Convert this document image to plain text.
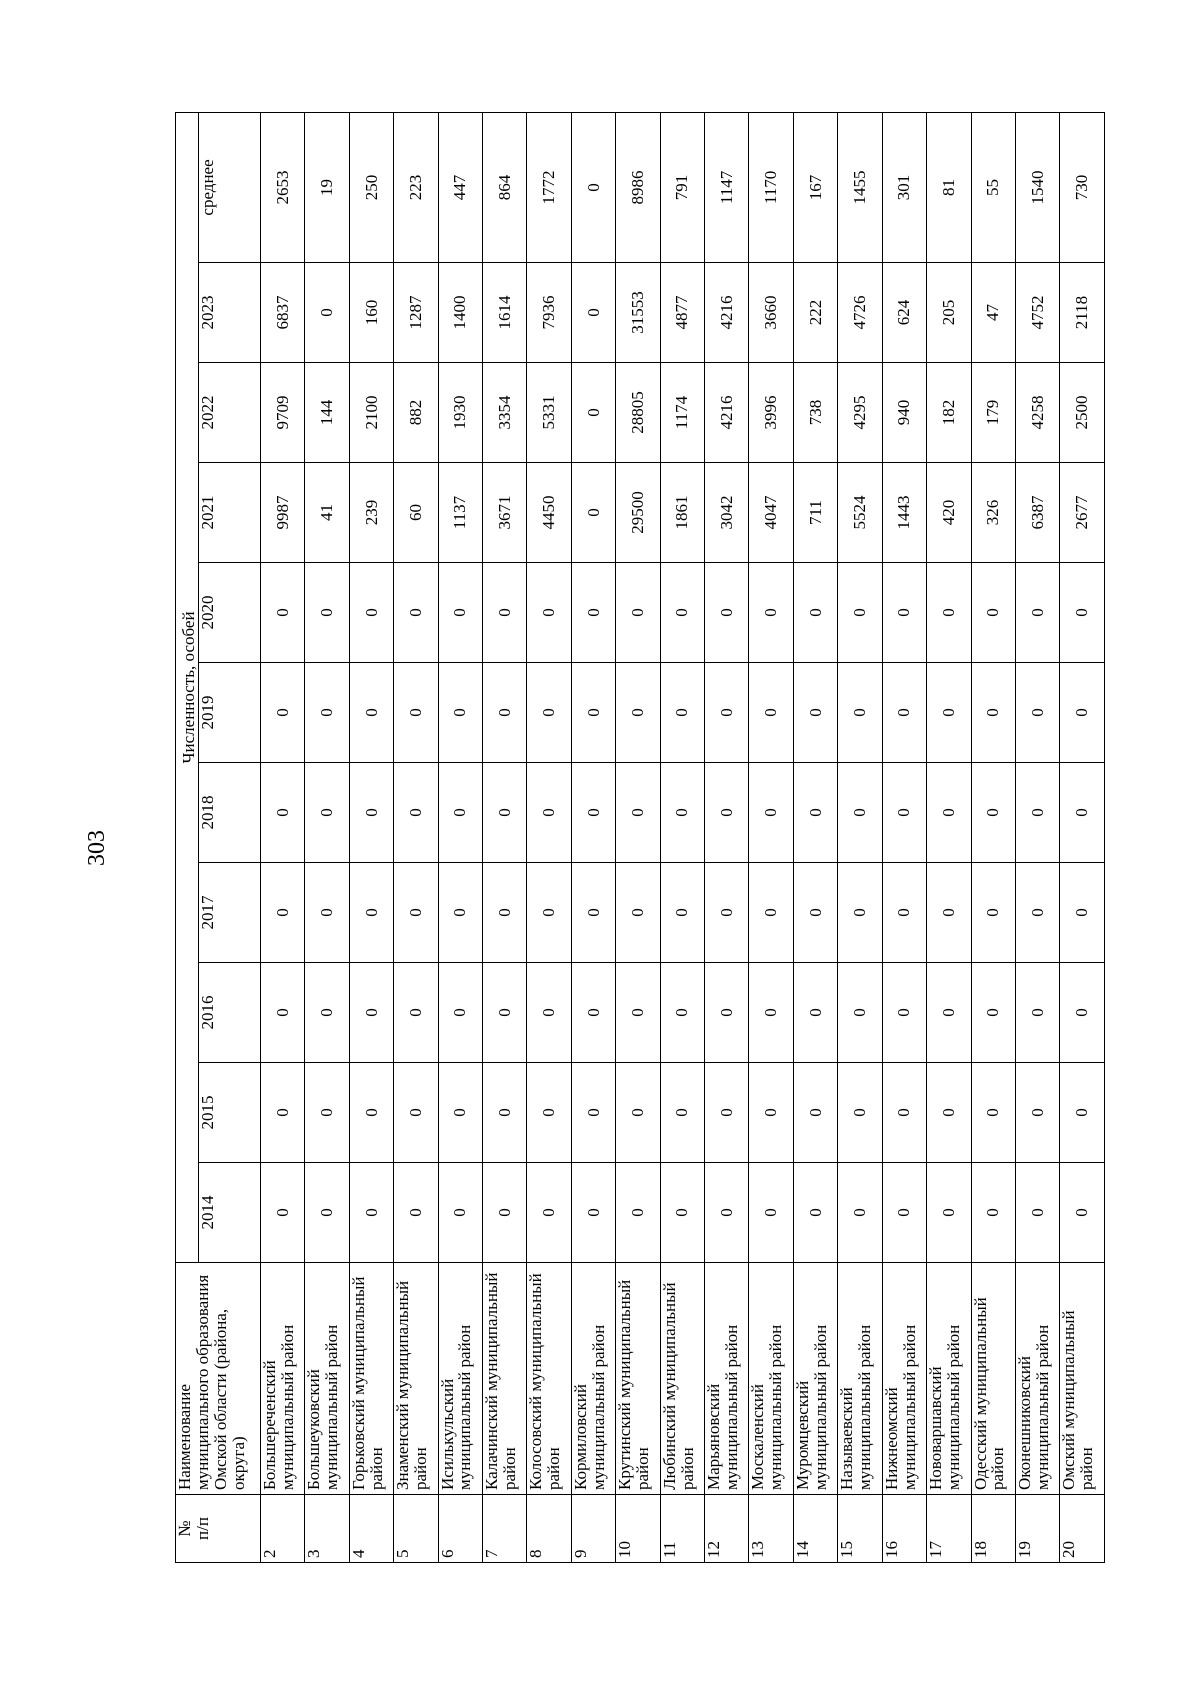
303
№
п/п	Наименование муниципального образования Омской области (района, округа)	Численность, особей										
		2014	2015	2016	2017	2018	2019	2020	2021	2022	2023	среднее
2	Большереченский муниципальный район	0	0	0	0	0	0	0	9987	9709	6837	2653
3	Большеуковский муниципальный район	0	0	0	0	0	0	0	41	144	0	19
4	Горьковский муниципальный район	0	0	0	0	0	0	0	239	2100	160	250
5	Знаменский муниципальный район	0	0	0	0	0	0	0	60	882	1287	223
6	Исилькульский муниципальный район	0	0	0	0	0	0	0	1137	1930	1400	447
7	Калачинский муниципальный район	0	0	0	0	0	0	0	3671	3354	1614	864
8	Колосовский муниципальный район	0	0	0	0	0	0	0	4450	5331	7936	1772
9	Кормиловский муниципальный район	0	0	0	0	0	0	0	0	0	0	0
10	Крутинский муниципальный район	0	0	0	0	0	0	0	29500	28805	31553	8986
11	Любинский муниципальный район	0	0	0	0	0	0	0	1861	1174	4877	791
12	Марьяновский муниципальный район	0	0	0	0	0	0	0	3042	4216	4216	1147
13	Москаленский муниципальный район	0	0	0	0	0	0	0	4047	3996	3660	1170
14	Муромцевский муниципальный район	0	0	0	0	0	0	0	711	738	222	167
15	Называевский муниципальный район	0	0	0	0	0	0	0	5524	4295	4726	1455
16	Нижнеомский муниципальный район	0	0	0	0	0	0	0	1443	940	624	301
17	Нововаршавский муниципальный район	0	0	0	0	0	0	0	420	182	205	81
18	Одесский муниципальный район	0	0	0	0	0	0	0	326	179	47	55
19	Оконешниковский муниципальный район	0	0	0	0	0	0	0	6387	4258	4752	1540
20	Омский муниципальный район	0	0	0	0	0	0	0	2677	2500	2118	730
